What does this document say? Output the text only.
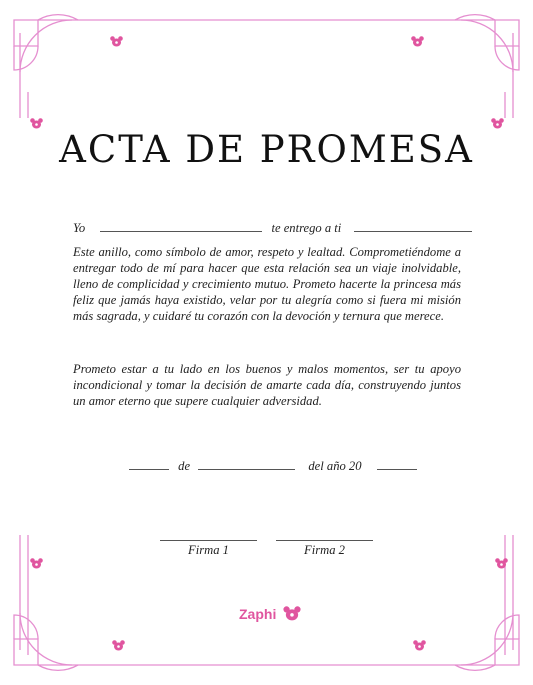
ACTA DE PROMESA
Yo	te entrego a ti
Este anillo, como símbolo de amor, respeto y lealtad. Comprometiéndome a entregar todo de mí para hacer que esta relación sea un viaje inolvidable, lleno de complicidad y crecimiento mutuo. Prometo hacerte la princesa más feliz que jamás haya existido, velar por tu alegría como si fuera mi misión más sagrada, y cuidaré tu corazón con la devoción y ternura que merece.
Prometo estar a tu lado en los buenos y malos momentos, ser tu apoyo incondicional y tomar la decisión de amarte cada día, construyendo juntos un amor eterno que supere cualquier adversidad.
de	del año 20
Firma 1	Firma 2
Zaphi
